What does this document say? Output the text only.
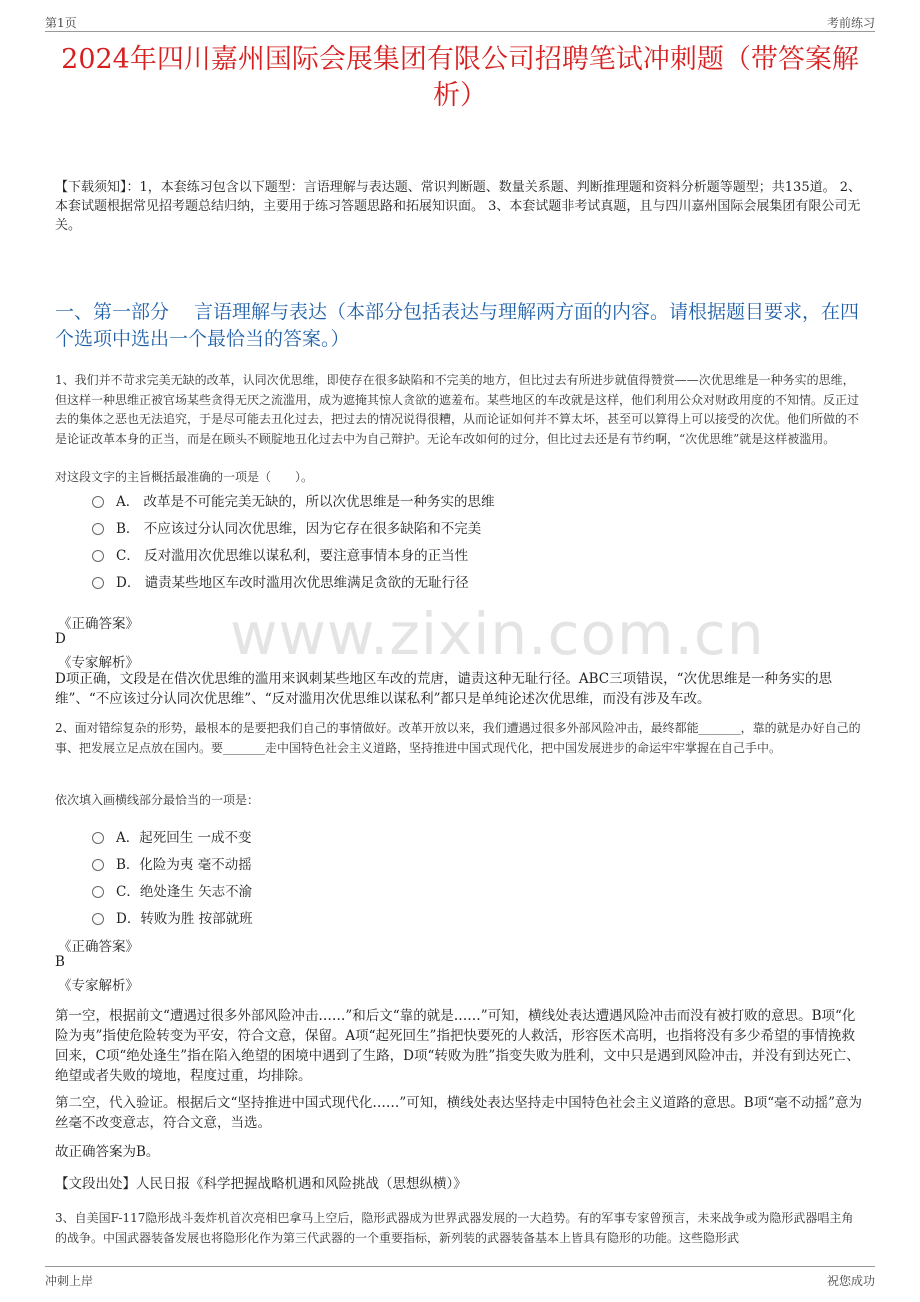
第1页	考前练习
www.zixin.com.cn
2024年四川嘉州国际会展集团有限公司招聘笔试冲刺题（带答案解析）
【下载须知】：1，本套练习包含以下题型：言语理解与表达题、常识判断题、数量关系题、判断推理题和资料分析题等题型；共135道。 2、本套试题根据常见招考题总结归纳，主要用于练习答题思路和拓展知识面。 3、本套试题非考试真题，且与四川嘉州国际会展集团有限公司无关。
一、第一部分　 言语理解与表达（本部分包括表达与理解两方面的内容。请根据题目要求，在四个选项中选出一个最恰当的答案。）
1、我们并不苛求完美无缺的改革，认同次优思维，即使存在很多缺陷和不完美的地方，但比过去有所进步就值得赞赏——次优思维是一种务实的思维，但这样一种思维正被官场某些贪得无厌之流滥用，成为遮掩其惊人贪欲的遮羞布。某些地区的车改就是这样，他们利用公众对财政用度的不知情。反正过去的集体之恶也无法追究，于是尽可能去丑化过去，把过去的情况说得很糟，从而论证如何并不算太坏，甚至可以算得上可以接受的次优。他们所做的不是论证改革本身的正当，而是在顾头不顾腚地丑化过去中为自己辩护。无论车改如何的过分，但比过去还是有节约啊，“次优思维”就是这样被滥用。
对这段文字的主旨概括最准确的一项是（　　）。
A． 改革是不可能完美无缺的，所以次优思维是一种务实的思维
B． 不应该过分认同次优思维，因为它存在很多缺陷和不完美
C． 反对滥用次优思维以谋私利，要注意事情本身的正当性
D． 谴责某些地区车改时滥用次优思维满足贪欲的无耻行径
《正确答案》
D
《专家解析》
D项正确，文段是在借次优思维的滥用来讽刺某些地区车改的荒唐，谴责这种无耻行径。ABC三项错误，“次优思维是一种务实的思维”、“不应该过分认同次优思维”、“反对滥用次优思维以谋私利”都只是单纯论述次优思维，而没有涉及车改。
2、面对错综复杂的形势，最根本的是要把我们自己的事情做好。改革开放以来，我们遭遇过很多外部风险冲击，最终都能_______，靠的就是办好自己的事、把发展立足点放在国内。要_______走中国特色社会主义道路，坚持推进中国式现代化，把中国发展进步的命运牢牢掌握在自己手中。
依次填入画横线部分最恰当的一项是：
A．起死回生 一成不变
B．化险为夷 毫不动摇
C．绝处逢生 矢志不渝
D．转败为胜 按部就班
《正确答案》
B
《专家解析》
第一空，根据前文“遭遇过很多外部风险冲击……”和后文“靠的就是……”可知，横线处表达遭遇风险冲击而没有被打败的意思。B项“化险为夷”指使危险转变为平安，符合文意，保留。A项“起死回生”指把快要死的人救活，形容医术高明，也指将没有多少希望的事情挽救回来，C项“绝处逢生”指在陷入绝望的困境中遇到了生路，D项“转败为胜”指变失败为胜利，文中只是遇到风险冲击，并没有到达死亡、绝望或者失败的境地，程度过重，均排除。
第二空，代入验证。根据后文“坚持推进中国式现代化……”可知，横线处表达坚持走中国特色社会主义道路的意思。B项“毫不动摇”意为丝毫不改变意志，符合文意，当选。
故正确答案为B。
【文段出处】人民日报《科学把握战略机遇和风险挑战（思想纵横）》
3、自美国F-117隐形战斗轰炸机首次亮相巴拿马上空后，隐形武器成为世界武器发展的一大趋势。有的军事专家曾预言，未来战争或为隐形武器唱主角的战争。中国武器装备发展也将隐形化作为第三代武器的一个重要指标，新列装的武器装备基本上皆具有隐形的功能。这些隐形武
冲刺上岸	祝您成功
